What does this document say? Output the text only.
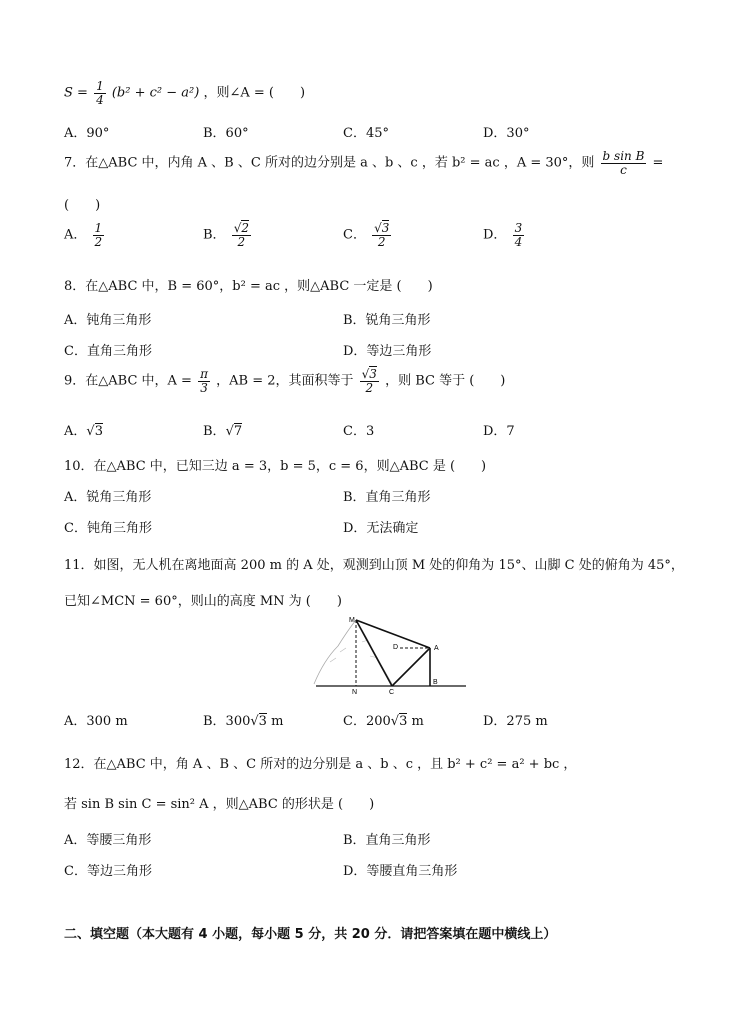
$S = \frac{1}{4} (b^2 + c^2 - a^2)$ ，则∠A = (　　)
A．90°	B．60°	C．45°	D．30°
7．在△ABC 中，内角 A 、B 、C 所对的边分别是 a 、b 、c ，若 b² = ac ，A = 30°，则 $\frac{\text{b sin B}}{c}$ =
(　　)
A． $\frac{1}{2}$	B． $\frac{√2}{2}$	C． $\frac{√3}{2}$	D． $\frac{3}{4}$
8．在△ABC 中，B = 60°，b² = ac ，则△ABC 一定是 (　　)
A．钝角三角形	B．锐角三角形
C．直角三角形	D．等边三角形
9．在△ABC 中，$A = \frac{\pi}{3}$ ，AB = 2，其面积等于 $\frac{√3}{2}$ ，则 BC 等于 (　　)
A．√3	B．√7	C．3	D．7
10．在△ABC 中，已知三边 a = 3，b = 5，c = 6，则△ABC 是 (　　)
A．锐角三角形	B．直角三角形
C．钝角三角形	D．无法确定
11．如图，无人机在离地面高 200 m 的 A 处，观测到山顶 M 处的仰角为 15°、山脚 C 处的俯角为 45°，
已知∠MCN = 60°，则山的高度 MN 为 (　　)
M
D	A
B
N	C
A．300 m	B．300√3 m	C．200√3 m	D．275 m
12．在△ABC 中，角 A 、B 、C 所对的边分别是 a 、b 、c ，且 b² + c² = a² + bc ，
若 sin B sin C = sin² A ，则△ABC 的形状是 (　　)
A．等腰三角形	B．直角三角形
C．等边三角形	D．等腰直角三角形
二、填空题（本大题有 4 小题，每小题 5 分，共 20 分．请把答案填在题中横线上）
